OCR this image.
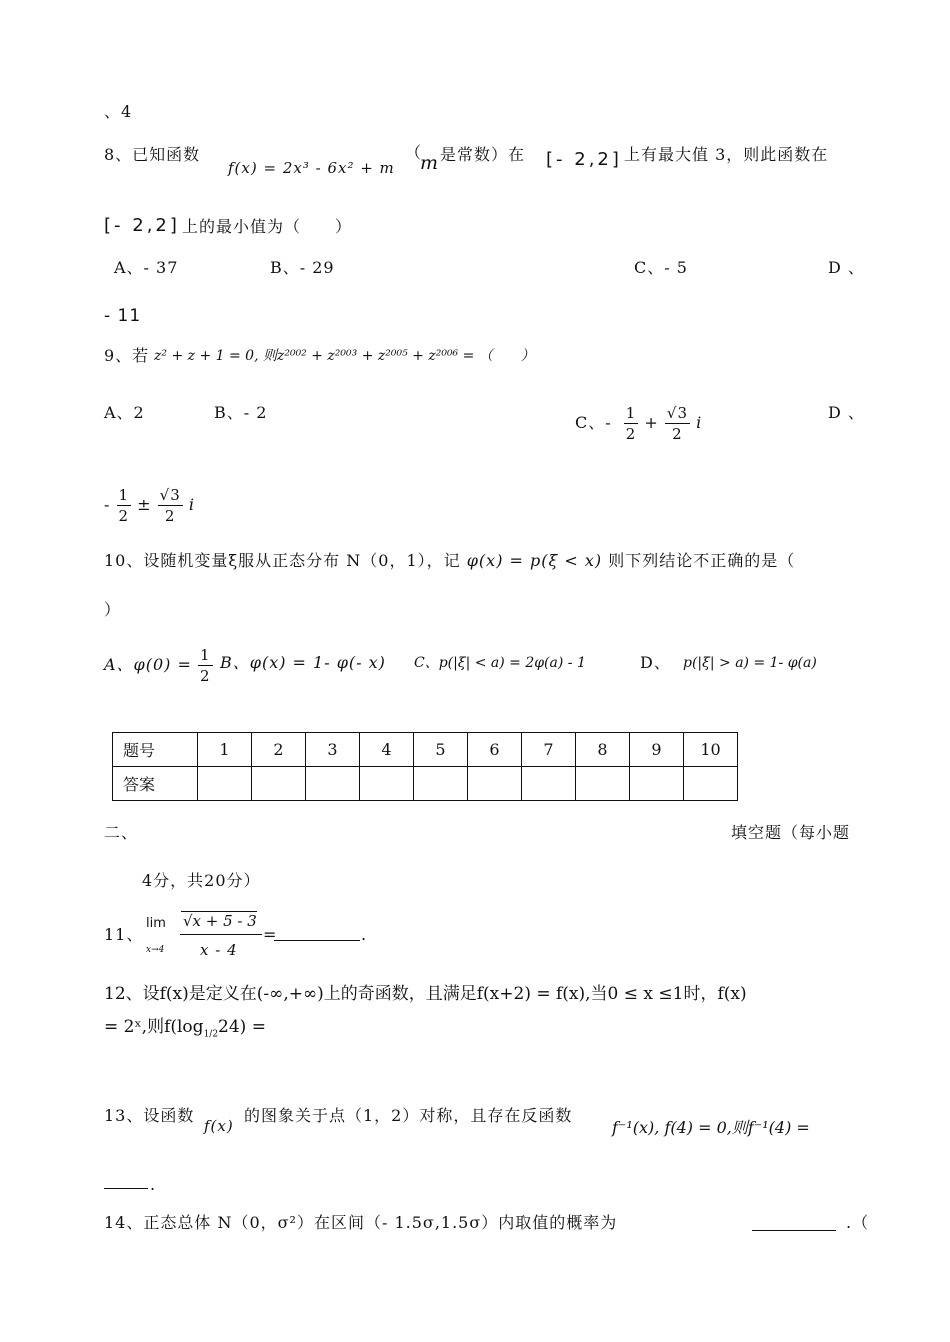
、4
8、已知函数
f(x) = 2x³ - 6x² + m
（
m 是常数）在 [- 2,2] 上有最大值 3，则此函数在
[- 2,2] 上的最小值为（　　）
A、- 37	B、- 29	C、- 5	D 、
- 11
9、若 z² + z + 1 = 0, 则z²⁰⁰² + z²⁰⁰³ + z²⁰⁰⁵ + z²⁰⁰⁶ = （　　）
A、2	B、- 2
C、- $\frac{1}{2} + \frac{√3}{2}$ i
D 、
- $\frac{1}{2} \pm \frac{√3}{2}$ i
10、设随机变量ξ服从正态分布 N（0，1），记 φ(x) = p(ξ < x) 则下列结论不正确的是（
）
A、$\varphi(0) = \frac{1}{2}$ B、φ(x) = 1- φ(- x) C、p(|ξ| < a) = 2φ(a) - 1	D、 p(|ξ| > a) = 1- φ(a)
题号	1	2	3	4	5	6	7	8	9	10
答案										
二、	填空题（每小题
4分，共20分）
11、
lim
x→4
√x + 5 - 3
x - 4
=	.
12、设f(x)是定义在(-∞,+∞)上的奇函数，且满足f(x+2) = f(x),当0 ≤ x ≤1时，f(x)
= 2ˣ,则$f(\log_{1/2}24)$ =
13、设函数
f(x)
的图象关于点（1，2）对称，且存在反函数
f⁻¹(x), f(4) = 0,则f⁻¹(4) =
.
14、正态总体 N（0，σ²）在区间（- 1.5σ,1.5σ）内取值的概率为	.（
